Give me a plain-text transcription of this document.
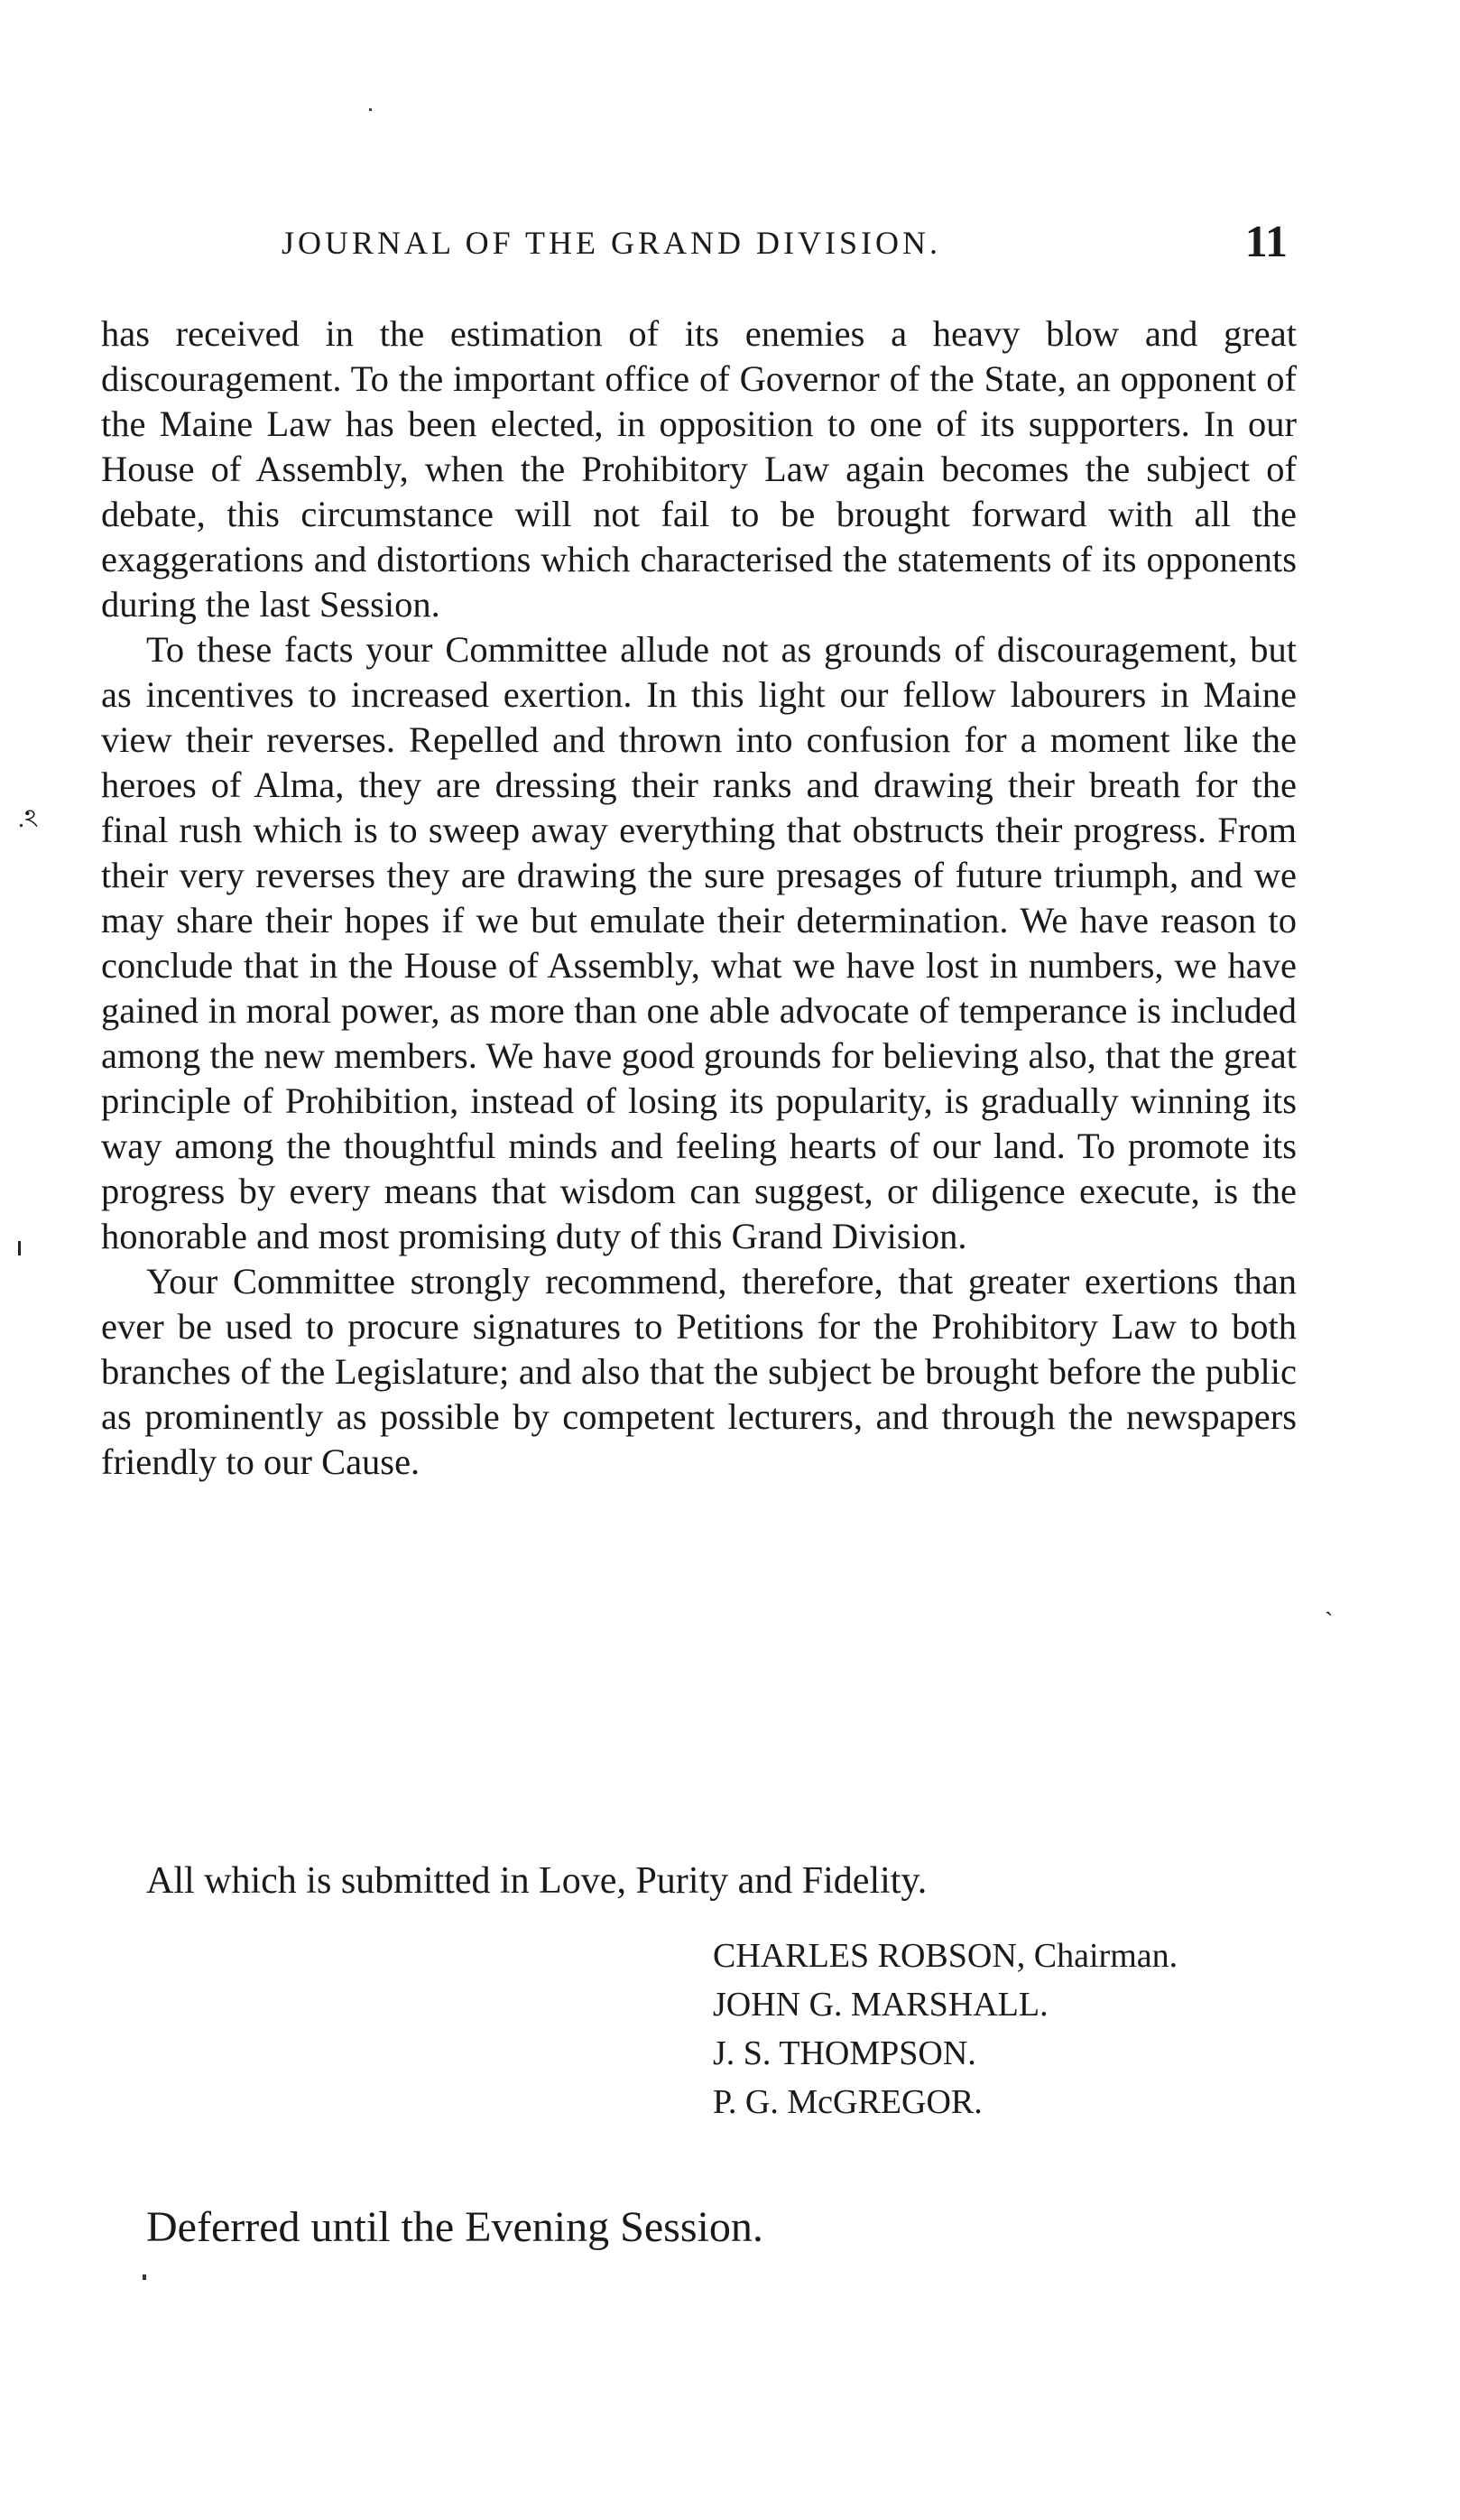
JOURNAL OF THE GRAND DIVISION.	11
.ঽ
ˎ

has received in the estimation of its enemies a heavy blow and great discouragement. To the important office of Governor of the State, an opponent of the Maine Law has been elected, in opposition to one of its supporters. In our House of Assembly, when the Prohibitory Law again becomes the subject of debate, this circumstance will not fail to be brought forward with all the exaggerations and distortions which characterised the statements of its opponents during the last Session.

To these facts your Committee allude not as grounds of discouragement, but as incentives to increased exertion. In this light our fellow labourers in Maine view their reverses. Repelled and thrown into confusion for a moment like the heroes of Alma, they are dressing their ranks and drawing their breath for the final rush which is to sweep away everything that obstructs their progress. From their very reverses they are drawing the sure presages of future triumph, and we may share their hopes if we but emulate their determination. We have reason to conclude that in the House of Assembly, what we have lost in numbers, we have gained in moral power, as more than one able advocate of temperance is included among the new members. We have good grounds for believing also, that the great principle of Prohibition, instead of losing its popularity, is gradually winning its way among the thoughtful minds and feeling hearts of our land. To promote its progress by every means that wisdom can suggest, or diligence execute, is the honorable and most promising duty of this Grand Division.

Your Committee strongly recommend, therefore, that greater exertions than ever be used to procure signatures to Petitions for the Prohibitory Law to both branches of the Legislature; and also that the subject be brought before the public as prominently as possible by competent lecturers, and through the newspapers friendly to our Cause.

All which is submitted in Love, Purity and Fidelity.

CHARLES ROBSON, Chairman.
JOHN G. MARSHALL.
J. S. THOMPSON.
P. G. McGREGOR.

Deferred until the Evening Session.
